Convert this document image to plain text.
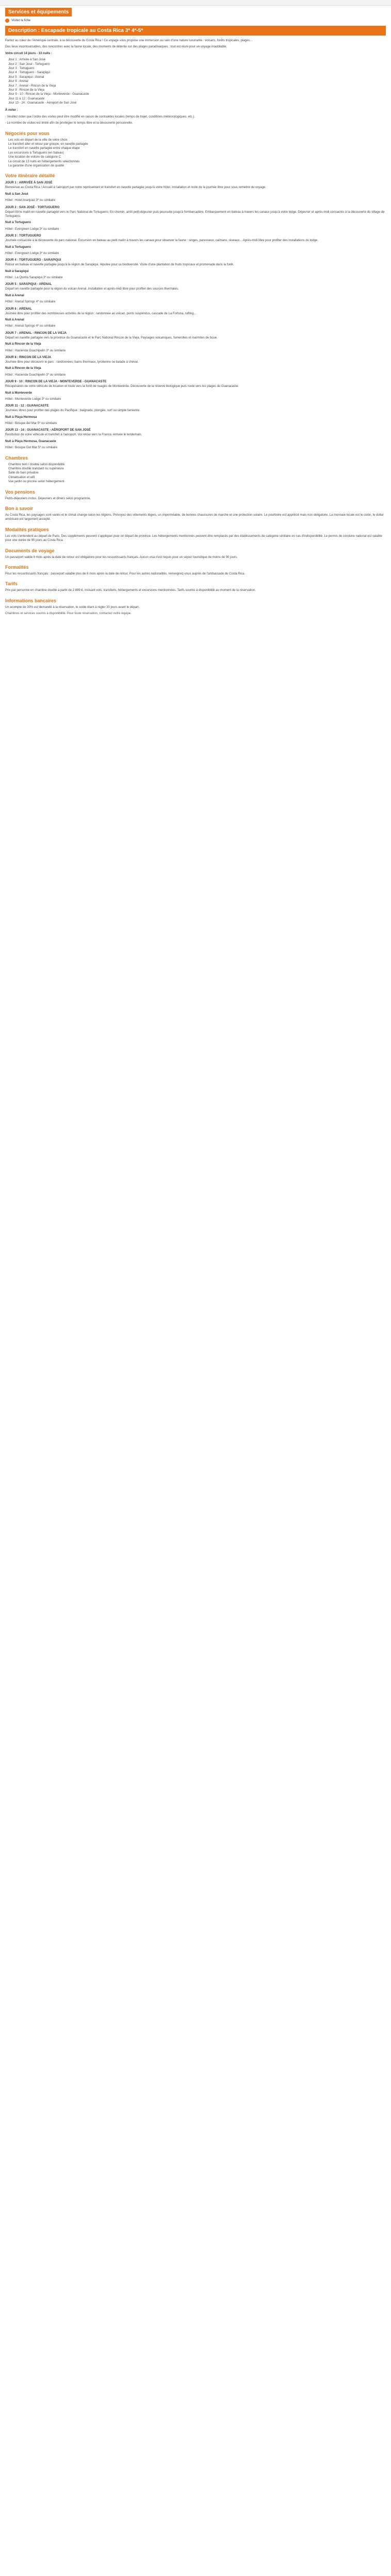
Services et équipements
Visiter la fiche
Description : Escapade tropicale au Costa Rica 3* 4*-5*

Partez au cœur de l'Amérique centrale, à la découverte du Costa Rica ! Ce voyage vous propose une immersion au sein d'une nature luxuriante : volcans, forêts tropicales, plages...

Des lieux incontournables, des rencontres avec la faune locale, des moments de détente sur des plages paradisiaques : tout est réuni pour un voyage inoubliable.

Votre circuit 14 jours - 13 nuits :

Jour 1 : Arrivée à San José
Jour 2 : San José - Tortuguero
Jour 3 : Tortuguero
Jour 4 : Tortuguero - Sarapiqui
Jour 5 : Sarapiqui - Arenal
Jour 6 : Arenal
Jour 7 : Arenal - Rincon de la Vieja
Jour 8 : Rincon de la Vieja
Jour 9 - 10 : Rincon de la Vieja - Monteverde - Guanacaste
Jour 11 à 12 : Guanacaste
Jour 13 - 14 : Guanacaste - Aéroport de San José

À noter :

- Veuillez noter que l'ordre des visites peut être modifié en raison de contraintes locales (temps de trajet, conditions météorologiques, etc.).

- Le nombre de visites est limité afin de privilégier le temps libre et la découverte personnelle.

Négociés pour vous
Les vols en départ de la ville de votre choix
Le transfert aller et retour par groupe, en navette partagée
Le transfert en navette partagée entre chaque étape
Les excursions à Tortuguero (en bateau)
Une location de voiture de catégorie C
Le circuit de 13 nuits en hébergements sélectionnés
La garantie d'une organisation de qualité
Votre itinéraire détaillé
JOUR 1 : ARRIVÉE À SAN JOSÉ

Bienvenue au Costa Rica ! Accueil à l'aéroport par notre représentant et transfert en navette partagée jusqu'à votre hôtel. Installation et reste de la journée libre pour vous remettre du voyage.

Nuit à San José

Hôtel : Hotel Aranjuez 3* ou similaire

JOUR 2 : SAN JOSÉ - TORTUGUERO

Départ tôt le matin en navette partagée vers le Parc National de Tortuguero. En chemin, arrêt petit-déjeuner puis poursuite jusqu'à l'embarcadère. Embarquement en bateau à travers les canaux jusqu'à votre lodge. Déjeuner et après-midi consacrés à la découverte du village de Tortuguero.

Nuit à Tortuguero

Hôtel : Evergreen Lodge 3* ou similaire

JOUR 3 : TORTUGUERO

Journée consacrée à la découverte du parc national. Excursion en bateau au petit matin à travers les canaux pour observer la faune : singes, paresseux, caïmans, oiseaux... Après-midi libre pour profiter des installations du lodge.

Nuit à Tortuguero

Hôtel : Evergreen Lodge 3* ou similaire

JOUR 4 : TORTUGUERO - SARAPIQUI

Retour en bateau et navette partagée jusqu'à la région de Sarapiqui, réputée pour sa biodiversité. Visite d'une plantation de fruits tropicaux et promenade dans la forêt.

Nuit à Sarapiqui

Hôtel : La Quinta Sarapiqui 3* ou similaire

JOUR 5 : SARAPIQUI - ARENAL

Départ en navette partagée pour la région du volcan Arenal. Installation et après-midi libre pour profiter des sources thermales.

Nuit à Arenal

Hôtel : Arenal Springs 4* ou similaire

JOUR 6 : ARENAL

Journée libre pour profiter des nombreuses activités de la région : randonnée au volcan, ponts suspendus, cascade de La Fortuna, rafting...

Nuit à Arenal

Hôtel : Arenal Springs 4* ou similaire

JOUR 7 : ARENAL - RINCON DE LA VIEJA

Départ en navette partagée vers la province du Guanacaste et le Parc National Rincon de la Vieja. Paysages volcaniques, fumerolles et marmites de boue.

Nuit à Rincon de la Vieja

Hôtel : Hacienda Guachipelin 3* ou similaire

JOUR 8 : RINCON DE LA VIEJA

Journée libre pour découvrir le parc : randonnées, bains thermaux, tyrolienne ou balade à cheval.

Nuit à Rincon de la Vieja

Hôtel : Hacienda Guachipelin 3* ou similaire

JOUR 9 - 10 : RINCON DE LA VIEJA - MONTEVERDE - GUANACASTE

Récupération de votre véhicule de location et route vers la forêt de nuages de Monteverde. Découverte de la réserve biologique puis route vers les plages du Guanacaste.

Nuit à Monteverde

Hôtel : Monteverde Lodge 3* ou similaire

JOUR 11 - 12 : GUANACASTE

Journées libres pour profiter des plages du Pacifique : baignade, plongée, surf ou simple farniente.

Nuit à Playa Hermosa

Hôtel : Bosque del Mar 5* ou similaire

JOUR 13 - 14 : GUANACASTE - AÉROPORT DE SAN JOSÉ

Restitution de votre véhicule et transfert à l'aéroport. Vol retour vers la France. Arrivée le lendemain.

Nuit à Playa Hermosa, Guanacaste

Hôtel : Bosque Del Mar 5* ou similaire

Chambres
Chambre twin / double selon disponibilité
Chambre double standard ou supérieure
Salle de bain privative
Climatisation et wifi
Vue jardin ou piscine selon hébergement
Vos pensions

Petits-déjeuners inclus. Déjeuners et dîners selon programme.

Bon à savoir

Au Costa Rica, les paysages sont variés et le climat change selon les régions. Prévoyez des vêtements légers, un imperméable, de bonnes chaussures de marche et une protection solaire. Le pourboire est apprécié mais non obligatoire. La monnaie locale est le colón, le dollar américain est largement accepté.

Modalités pratiques

Les vols s'entendent au départ de Paris. Des suppléments peuvent s'appliquer pour un départ de province. Les hébergements mentionnés peuvent être remplacés par des établissements de catégorie similaire en cas d'indisponibilité. Le permis de conduire national est valable pour une durée de 90 jours au Costa Rica.

Documents de voyage

Un passeport valide 6 mois après la date de retour est obligatoire pour les ressortissants français. Aucun visa n'est requis pour un séjour touristique de moins de 90 jours.

Formalités

Pour les ressortissants français : passeport valable plus de 6 mois après la date de retour. Pour les autres nationalités, renseignez-vous auprès de l'ambassade du Costa Rica.

Tarifs

Prix par personne en chambre double à partir de 2 899 €, incluant vols, transferts, hébergements et excursions mentionnées. Tarifs soumis à disponibilité au moment de la réservation.

Informations bancaires

Un acompte de 30% est demandé à la réservation, le solde étant à régler 30 jours avant le départ.

Chambres et services soumis à disponibilité. Pour toute réservation, contactez notre équipe.
